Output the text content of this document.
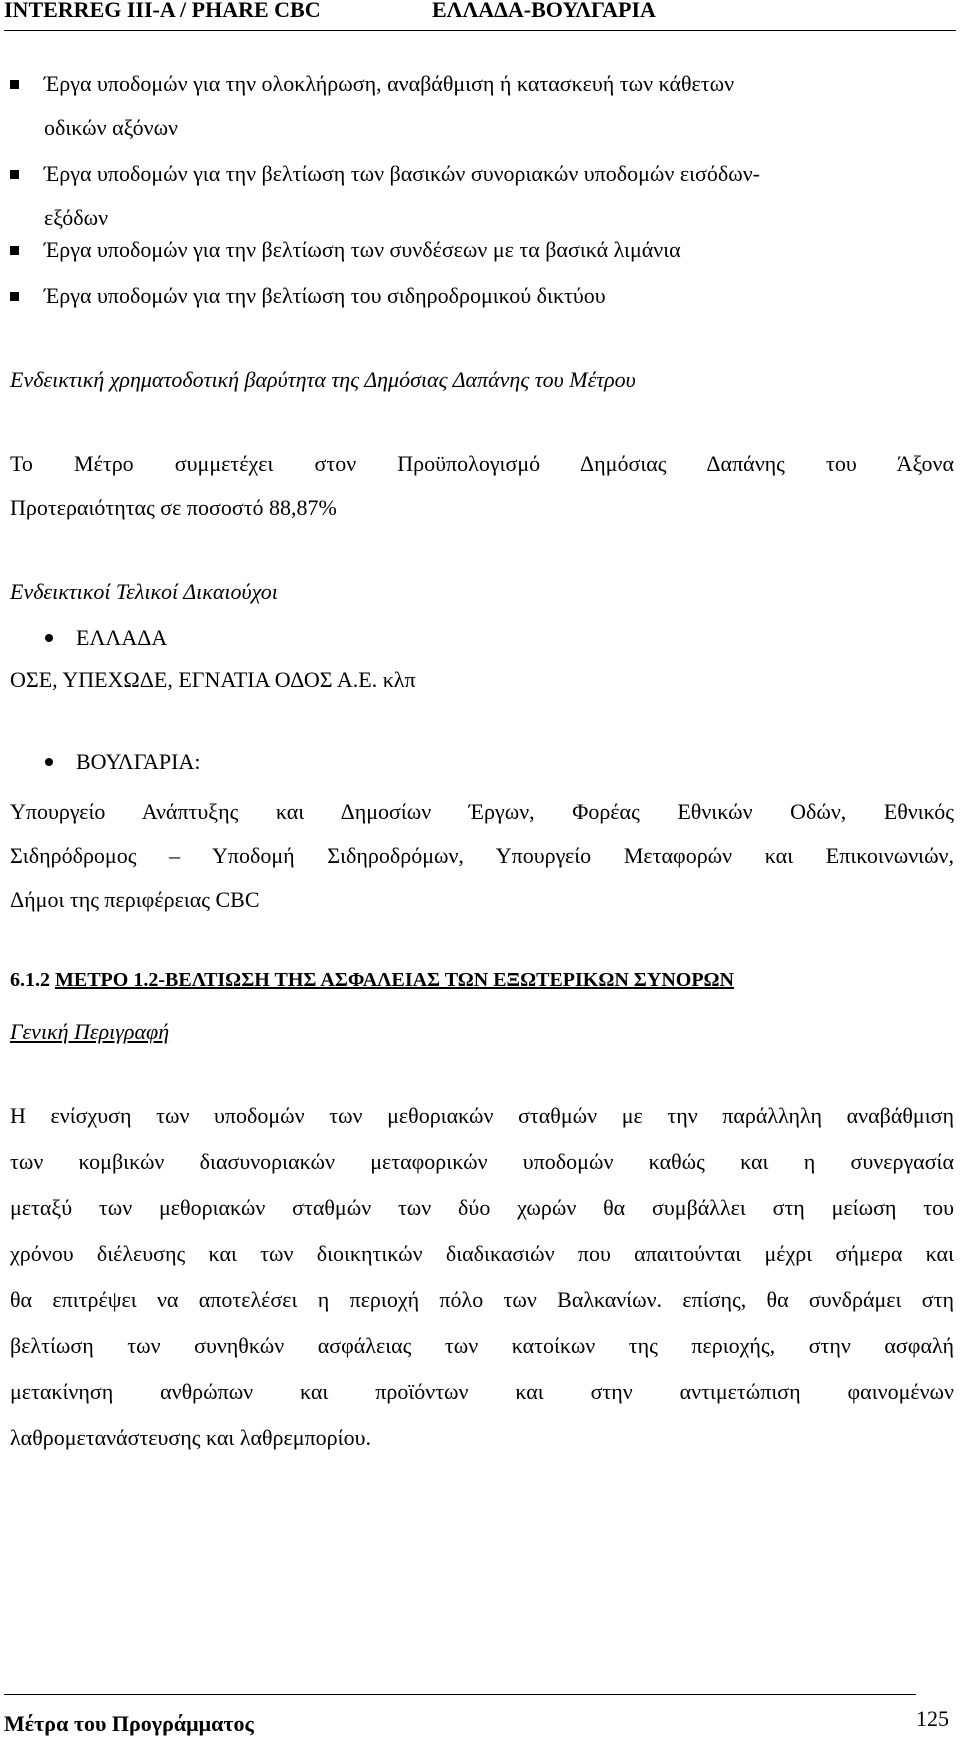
INTERREG III-A / PHARE CBC	ΕΛΛΑΔΑ-ΒΟΥΛΓΑΡΙΑ
Έργα υποδομών για την ολοκλήρωση, αναβάθμιση ή κατασκευή των κάθετων
οδικών αξόνων
Έργα υποδομών για την βελτίωση των βασικών συνοριακών υποδομών εισόδων-
εξόδων
Έργα υποδομών για την βελτίωση των συνδέσεων με τα βασικά λιμάνια
Έργα υποδομών για την βελτίωση του σιδηροδρομικού δικτύου
Ενδεικτική χρηματοδοτική βαρύτητα της Δημόσιας Δαπάνης του Μέτρου
Το Μέτρο συμμετέχει στον Προϋπολογισμό Δημόσιας Δαπάνης του Άξονα
Προτεραιότητας σε ποσοστό 88,87%
Ενδεικτικοί Τελικοί Δικαιούχοι
ΕΛΛΑΔΑ
ΟΣΕ, ΥΠΕΧΩΔΕ, ΕΓΝΑΤΙΑ ΟΔΟΣ Α.Ε. κλπ
ΒΟΥΛΓΑΡΙΑ:
Υπουργείο Ανάπτυξης και Δημοσίων Έργων, Φορέας Εθνικών Οδών, Εθνικός
Σιδηρόδρομος – Υποδομή Σιδηροδρόμων, Υπουργείο Μεταφορών και Επικοινωνιών,
Δήμοι της περιφέρειας CBC
6.1.2 ΜΕΤΡΟ 1.2-ΒΕΛΤΙΩΣΗ ΤΗΣ ΑΣΦΑΛΕΙΑΣ ΤΩΝ ΕΞΩΤΕΡΙΚΩΝ ΣΥΝΟΡΩΝ
Γενική Περιγραφή
Η ενίσχυση των υποδομών των μεθοριακών σταθμών με την παράλληλη αναβάθμιση
των κομβικών διασυνοριακών μεταφορικών υποδομών καθώς και η συνεργασία
μεταξύ των μεθοριακών σταθμών των δύο χωρών θα συμβάλλει στη μείωση του
χρόνου διέλευσης και των διοικητικών διαδικασιών που απαιτούνται μέχρι σήμερα και
θα επιτρέψει να αποτελέσει η περιοχή πόλο των Βαλκανίων. επίσης, θα συνδράμει στη
βελτίωση των συνηθκών ασφάλειας των κατοίκων της περιοχής, στην ασφαλή
μετακίνηση ανθρώπων και προϊόντων και στην αντιμετώπιση φαινομένων
λαθρομετανάστευσης και λαθρεμπορίου.
Μέτρα του Προγράμματος	125
